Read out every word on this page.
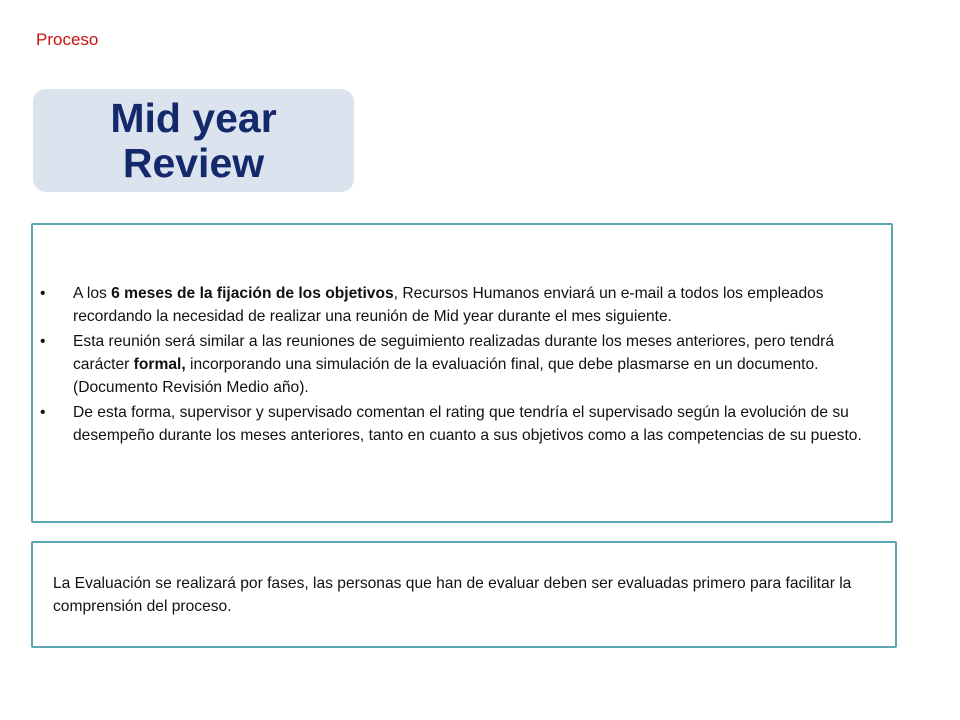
Proceso
Mid year
Review
• A los 6 meses de la fijación de los objetivos, Recursos Humanos enviará un e-mail a todos los empleados recordando la necesidad de realizar una reunión de Mid year durante el mes siguiente.
• Esta reunión será similar a las reuniones de seguimiento realizadas durante los meses anteriores, pero tendrá carácter formal, incorporando una simulación de la evaluación final, que debe plasmarse en un documento. (Documento Revisión Medio año).
• De esta forma, supervisor y supervisado comentan el rating que tendría el supervisado según la evolución de su desempeño durante los meses anteriores, tanto en cuanto a sus objetivos como a las competencias de su puesto.
La Evaluación se realizará por fases, las personas que han de evaluar deben ser evaluadas primero para facilitar la comprensión del proceso.
